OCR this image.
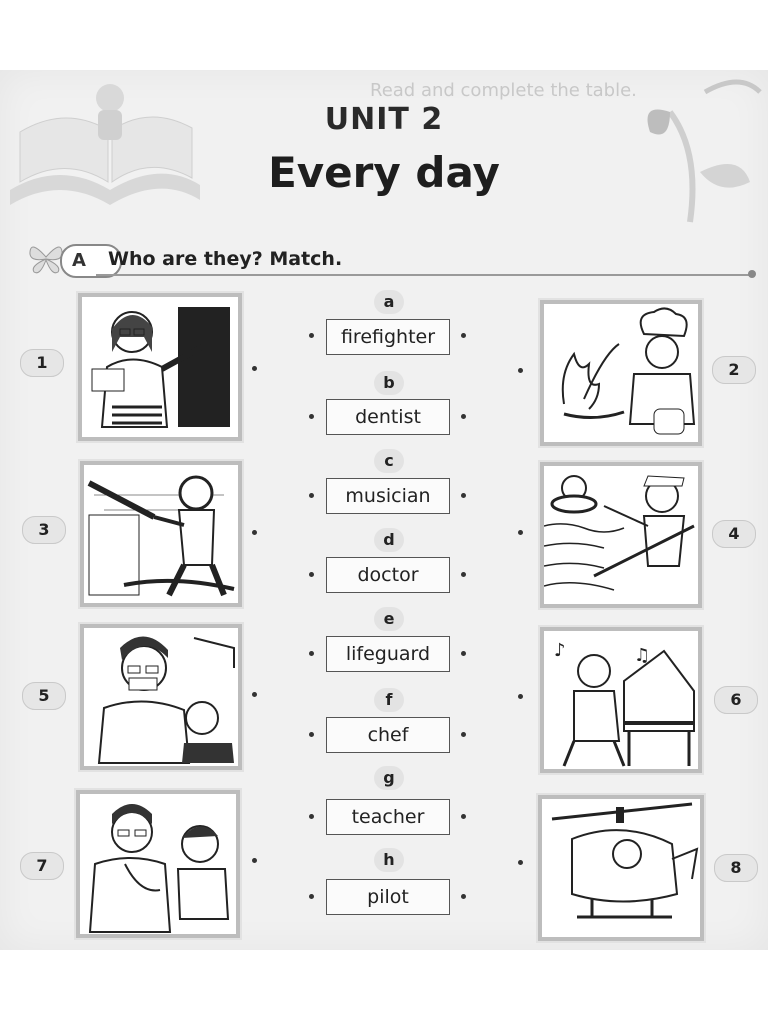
Read and complete the table.
UNIT 2
Every day
A	Who are they? Match.
♪	♫
1	2
3	4
5	6
7	8
a
firefighter
b
dentist
c
musician
d
doctor
e
lifeguard
f
chef
g
teacher
h
pilot
